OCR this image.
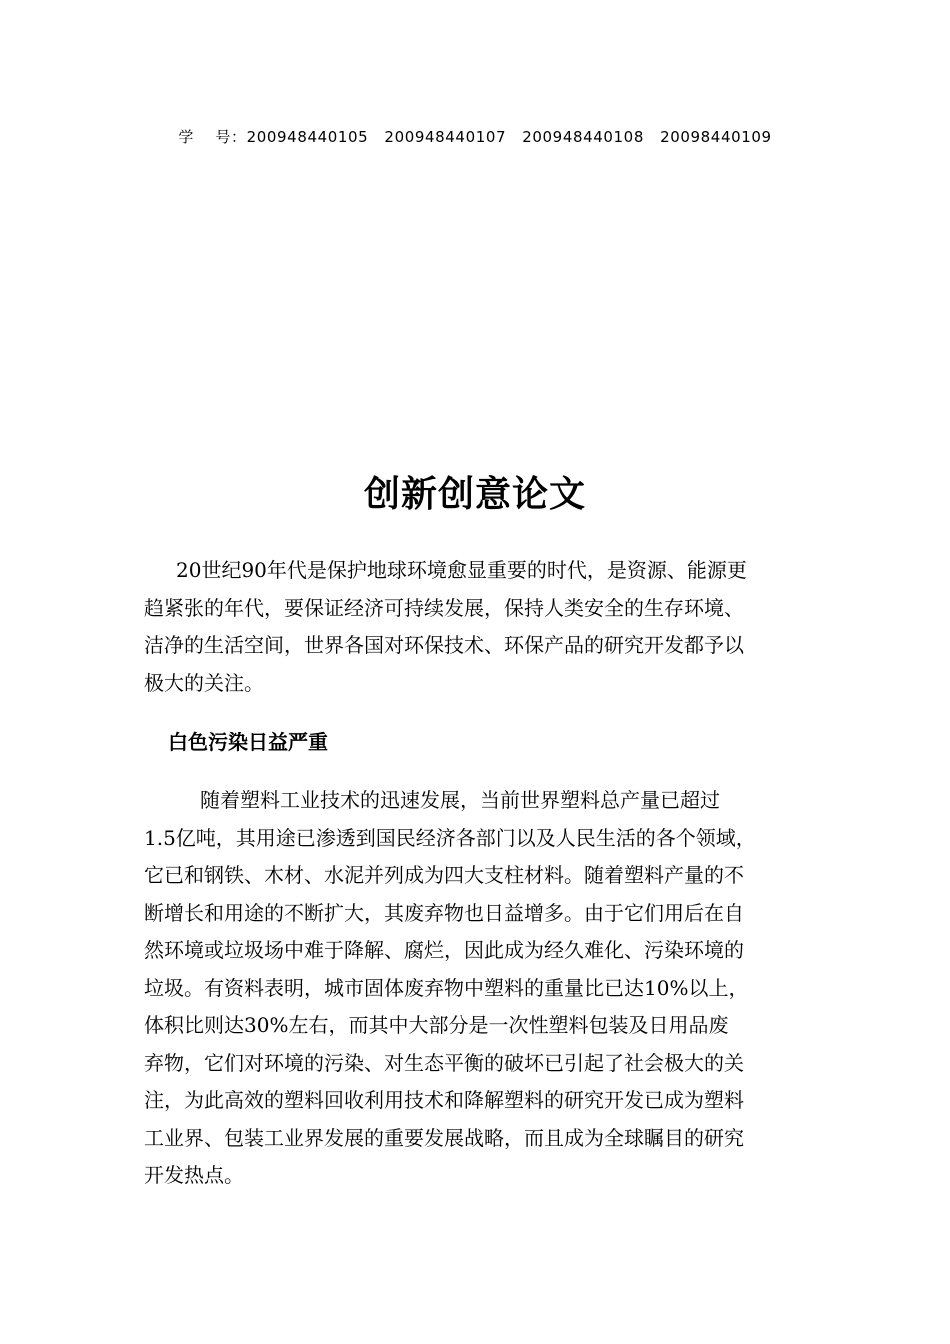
学    号：200948440105   200948440107   200948440108   20098440109
创新创意论文
20世纪90年代是保护地球环境愈显重要的时代，是资源、能源更
趋紧张的年代，要保证经济可持续发展，保持人类安全的生存环境、
洁净的生活空间，世界各国对环保技术、环保产品的研究开发都予以
极大的关注。
白色污染日益严重
随着塑料工业技术的迅速发展，当前世界塑料总产量已超过
1.5亿吨，其用途已渗透到国民经济各部门以及人民生活的各个领域，
它已和钢铁、木材、水泥并列成为四大支柱材料。随着塑料产量的不
断增长和用途的不断扩大，其废弃物也日益增多。由于它们用后在自
然环境或垃圾场中难于降解、腐烂，因此成为经久难化、污染环境的
垃圾。有资料表明，城市固体废弃物中塑料的重量比已达10%以上，
体积比则达30%左右，而其中大部分是一次性塑料包装及日用品废
弃物，它们对环境的污染、对生态平衡的破坏已引起了社会极大的关
注，为此高效的塑料回收利用技术和降解塑料的研究开发已成为塑料
工业界、包装工业界发展的重要发展战略，而且成为全球瞩目的研究
开发热点。
